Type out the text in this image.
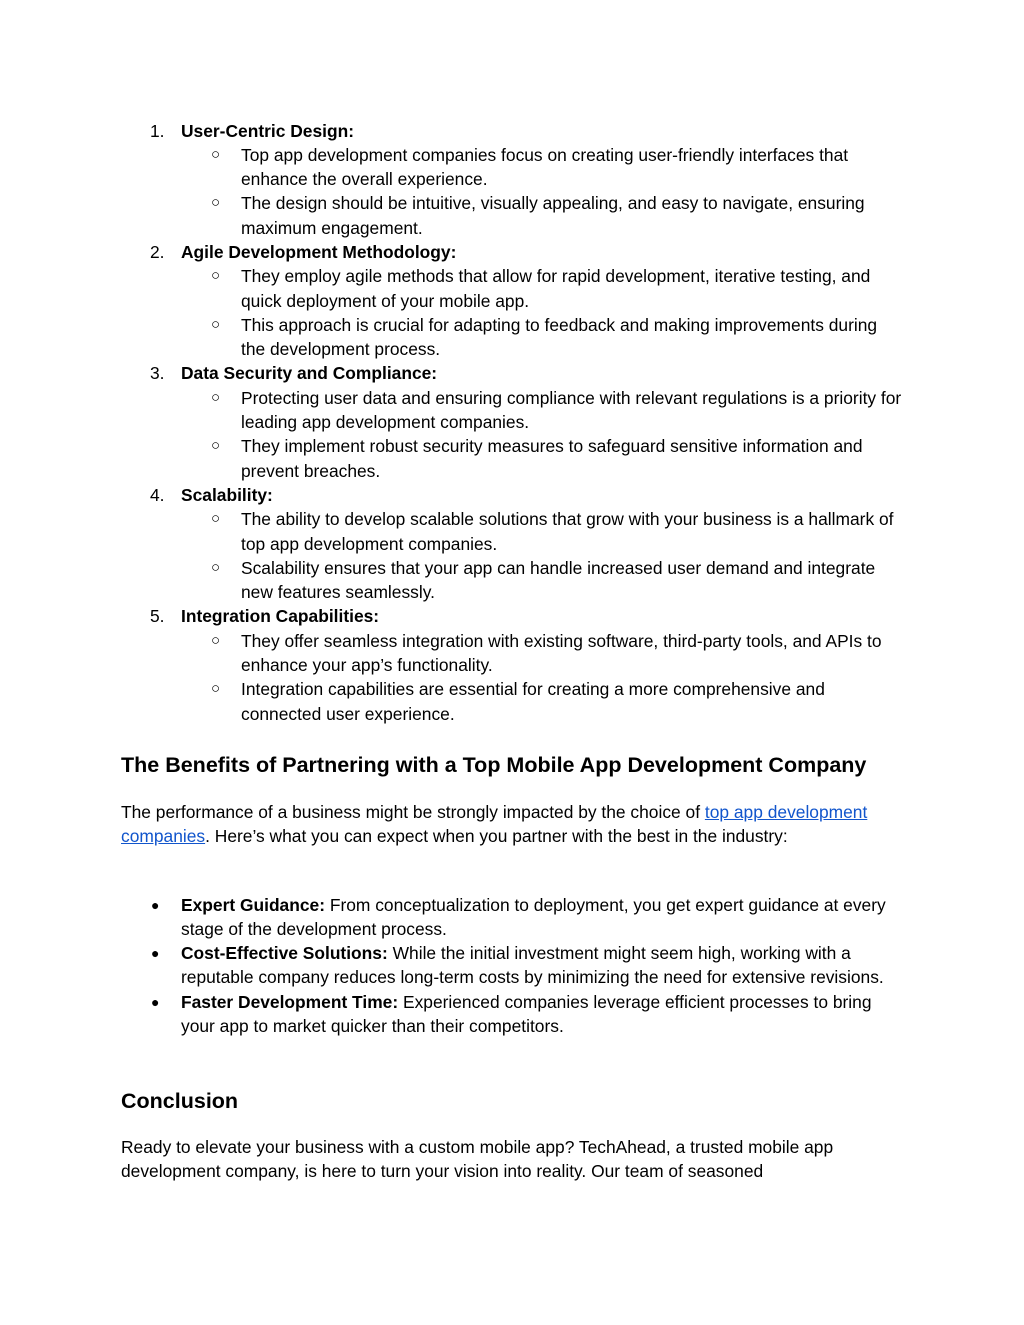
1. User-Centric Design:
○ Top app development companies focus on creating user-friendly interfaces that enhance the overall experience.
○ The design should be intuitive, visually appealing, and easy to navigate, ensuring maximum engagement.
2. Agile Development Methodology:
○ They employ agile methods that allow for rapid development, iterative testing, and quick deployment of your mobile app.
○ This approach is crucial for adapting to feedback and making improvements during the development process.
3. Data Security and Compliance:
○ Protecting user data and ensuring compliance with relevant regulations is a priority for leading app development companies.
○ They implement robust security measures to safeguard sensitive information and prevent breaches.
4. Scalability:
○ The ability to develop scalable solutions that grow with your business is a hallmark of top app development companies.
○ Scalability ensures that your app can handle increased user demand and integrate new features seamlessly.
5. Integration Capabilities:
○ They offer seamless integration with existing software, third-party tools, and APIs to enhance your app’s functionality.
○ Integration capabilities are essential for creating a more comprehensive and connected user experience.
The Benefits of Partnering with a Top Mobile App Development Company

The performance of a business might be strongly impacted by the choice of top app development companies. Here’s what you can expect when you partner with the best in the industry:

● Expert Guidance: From conceptualization to deployment, you get expert guidance at every stage of the development process.
● Cost-Effective Solutions: While the initial investment might seem high, working with a reputable company reduces long-term costs by minimizing the need for extensive revisions.
● Faster Development Time: Experienced companies leverage efficient processes to bring your app to market quicker than their competitors.
Conclusion

Ready to elevate your business with a custom mobile app? TechAhead, a trusted mobile app development company, is here to turn your vision into reality. Our team of seasoned
